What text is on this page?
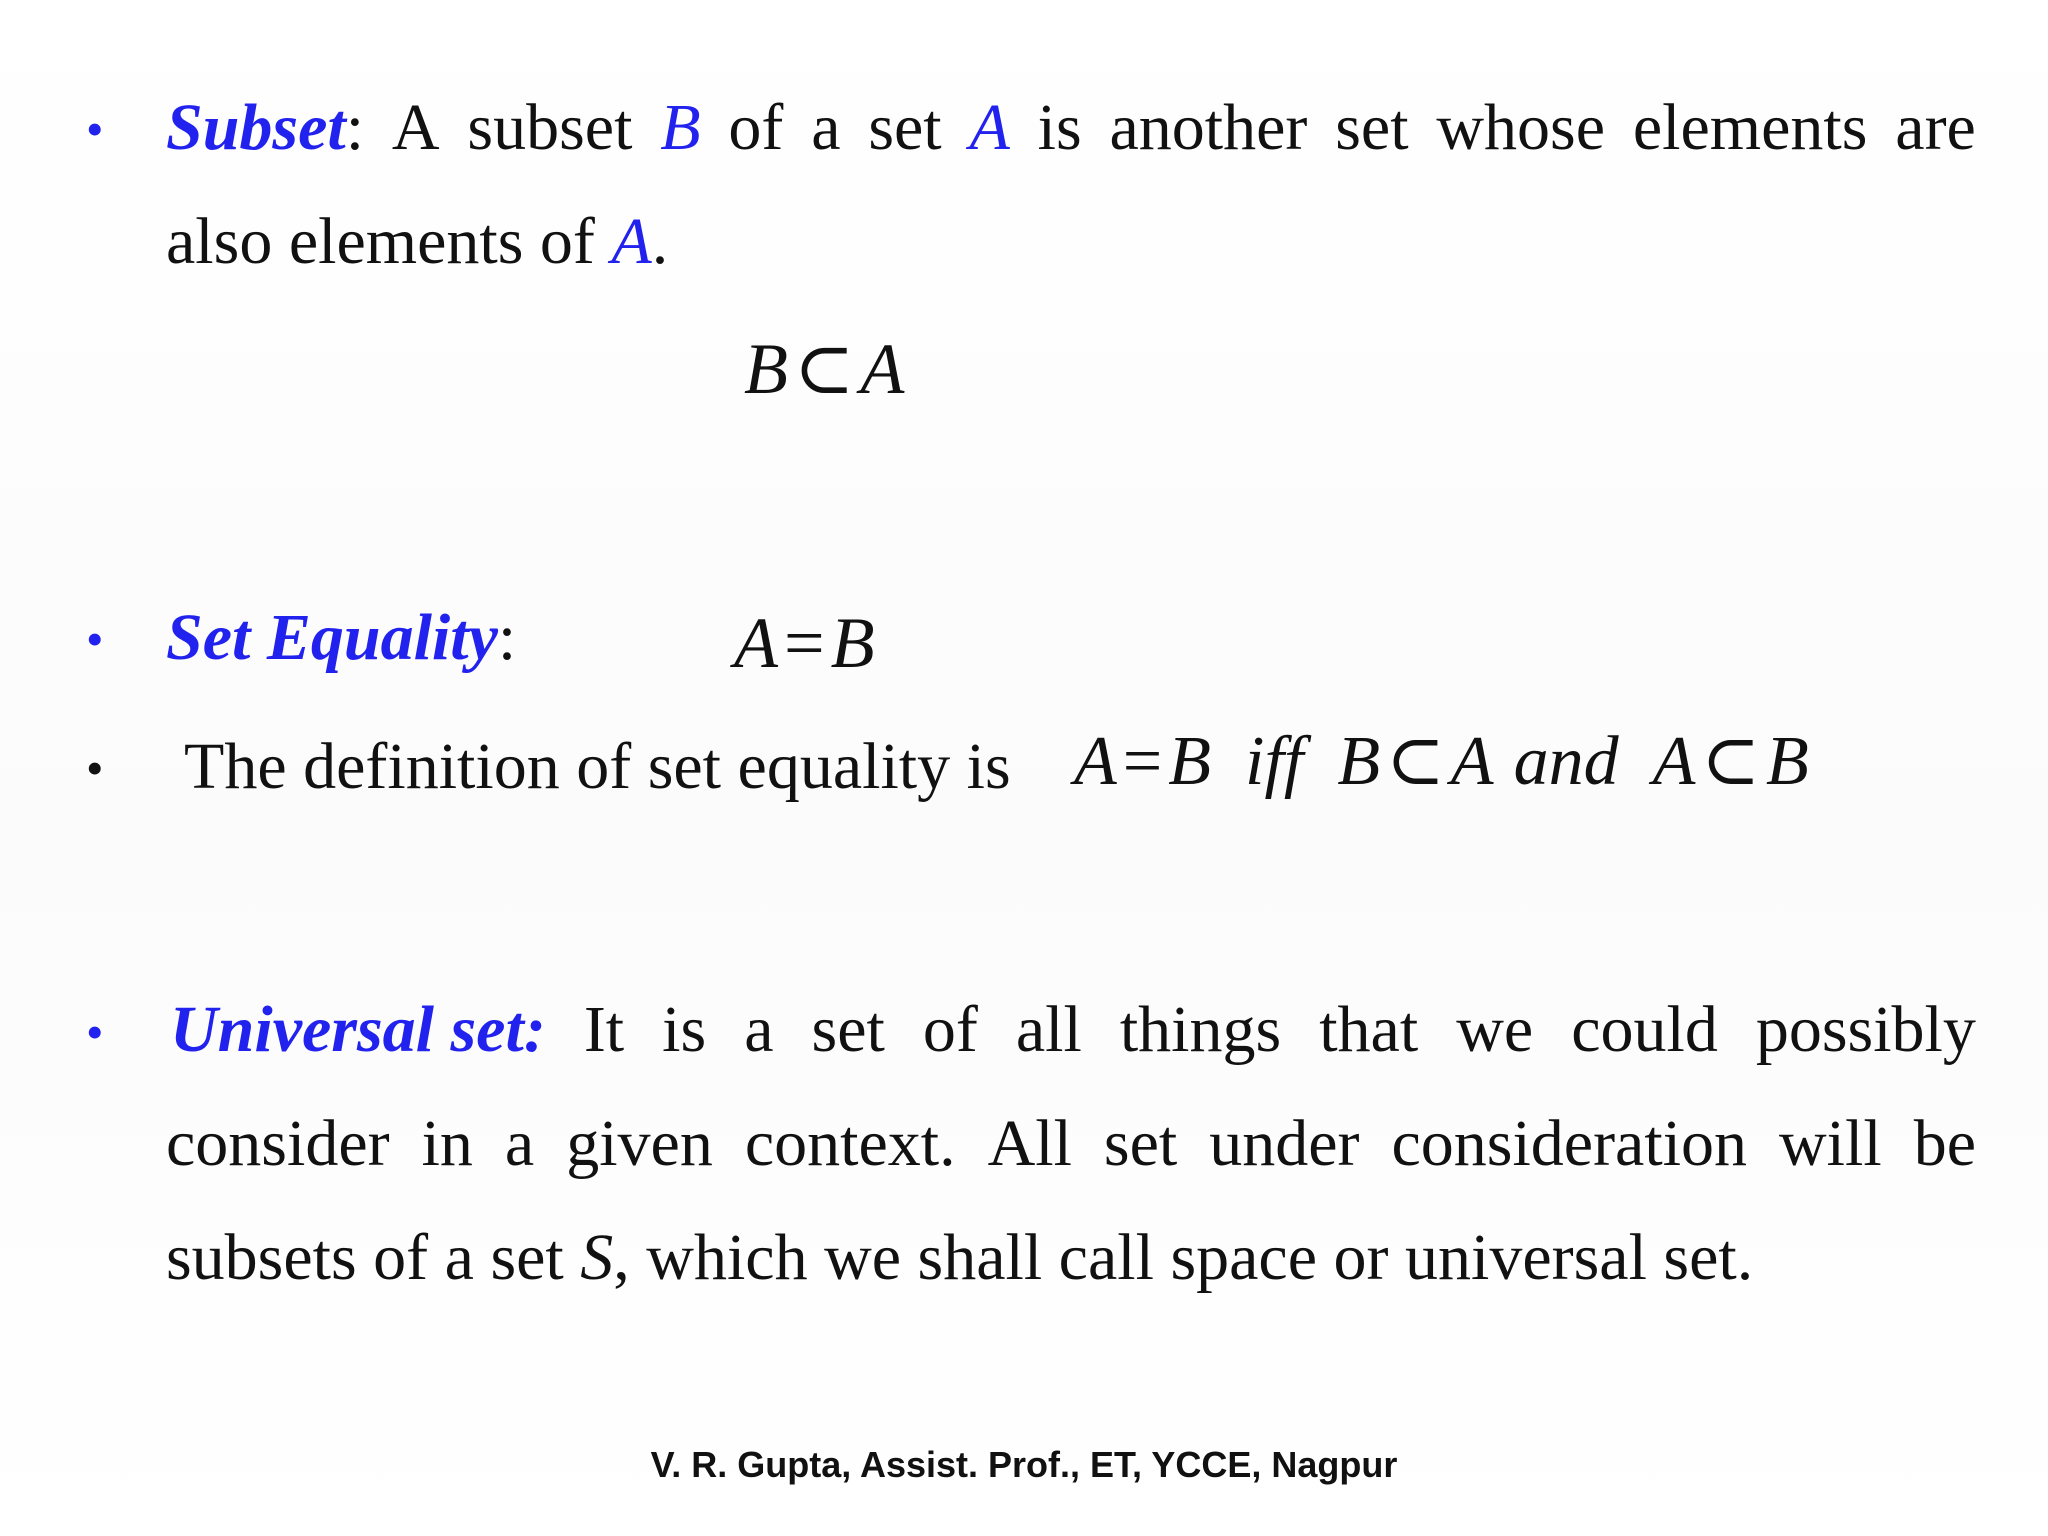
• Subset: A subset B of a set A is another set whose elements are
also elements of A.
B⊂A
• Set Equality:	A=B
• The definition of set equality is A=B iff B⊂A and A⊂B
• Universal set: It is a set of all things that we could possibly
consider in a given context. All set under consideration will be
subsets of a set S, which we shall call space or universal set.
V. R. Gupta, Assist. Prof., ET, YCCE, Nagpur
